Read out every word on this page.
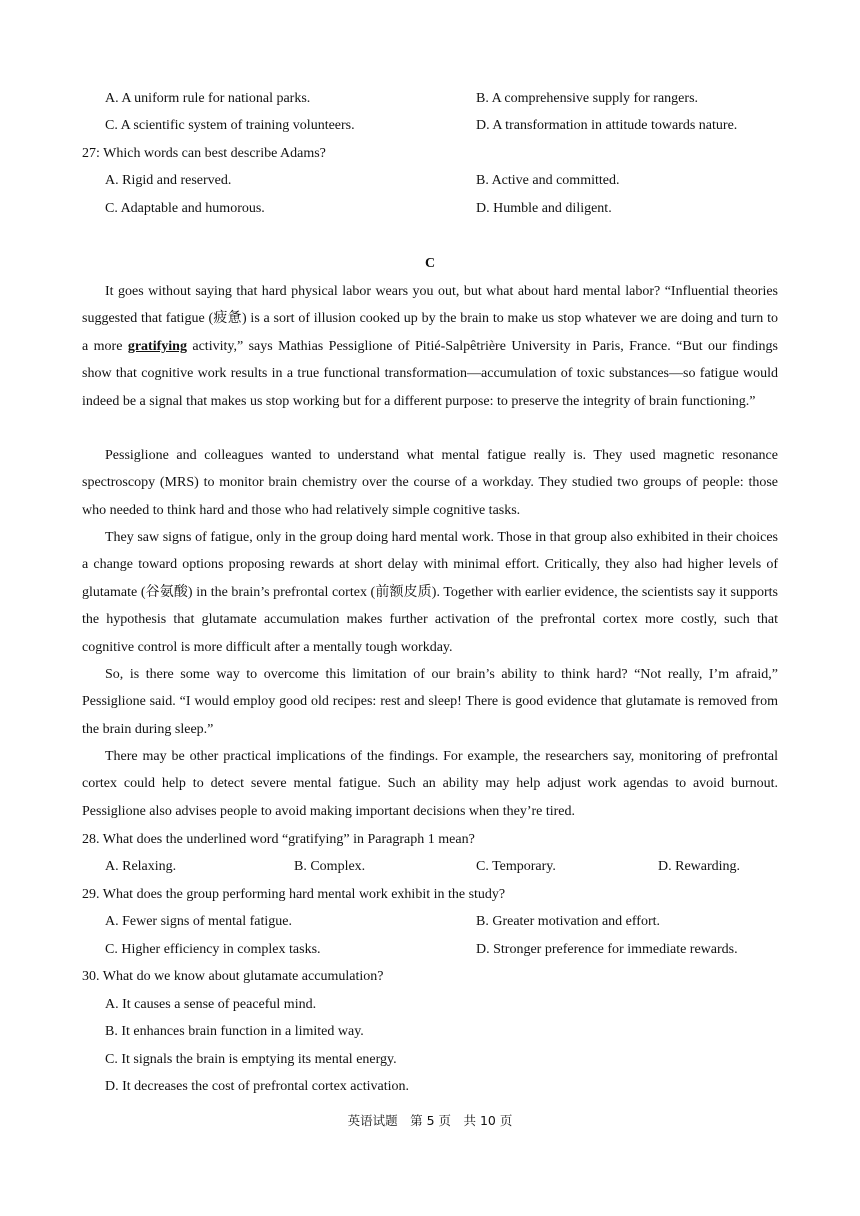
A. A uniform rule for national parks.	B. A comprehensive supply for rangers.
C. A scientific system of training volunteers.	D. A transformation in attitude towards nature.
27: Which words can best describe Adams?
A. Rigid and reserved.	B. Active and committed.
C. Adaptable and humorous.	D. Humble and diligent.
C

It goes without saying that hard physical labor wears you out, but what about hard mental labor? “Influential theories suggested that fatigue (疲惫) is a sort of illusion cooked up by the brain to make us stop whatever we are doing and turn to a more gratifying activity,” says Mathias Pessiglione of Pitié-Salpêtrière University in Paris, France. “But our findings show that cognitive work results in a true functional transformation—accumulation of toxic substances—so fatigue would indeed be a signal that makes us stop working but for a different purpose: to preserve the integrity of brain functioning.”

Pessiglione and colleagues wanted to understand what mental fatigue really is. They used magnetic resonance spectroscopy (MRS) to monitor brain chemistry over the course of a workday. They studied two groups of people: those who needed to think hard and those who had relatively simple cognitive tasks.

They saw signs of fatigue, only in the group doing hard mental work. Those in that group also exhibited in their choices a change toward options proposing rewards at short delay with minimal effort. Critically, they also had higher levels of glutamate (谷氨酸) in the brain’s prefrontal cortex (前额皮质). Together with earlier evidence, the scientists say it supports the hypothesis that glutamate accumulation makes further activation of the prefrontal cortex more costly, such that cognitive control is more difficult after a mentally tough workday.

So, is there some way to overcome this limitation of our brain’s ability to think hard? “Not really, I’m afraid,” Pessiglione said. “I would employ good old recipes: rest and sleep! There is good evidence that glutamate is removed from the brain during sleep.”

There may be other practical implications of the findings. For example, the researchers say, monitoring of prefrontal cortex could help to detect severe mental fatigue. Such an ability may help adjust work agendas to avoid burnout. Pessiglione also advises people to avoid making important decisions when they’re tired.

28. What does the underlined word “gratifying” in Paragraph 1 mean?
A. Relaxing.	B. Complex.	C. Temporary.	D. Rewarding.
29. What does the group performing hard mental work exhibit in the study?
A. Fewer signs of mental fatigue.	B. Greater motivation and effort.
C. Higher efficiency in complex tasks.	D. Stronger preference for immediate rewards.
30. What do we know about glutamate accumulation?
A. It causes a sense of peaceful mind.
B. It enhances brain function in a limited way.
C. It signals the brain is emptying its mental energy.
D. It decreases the cost of prefrontal cortex activation.
英语试题　第 5 页　共 10 页
